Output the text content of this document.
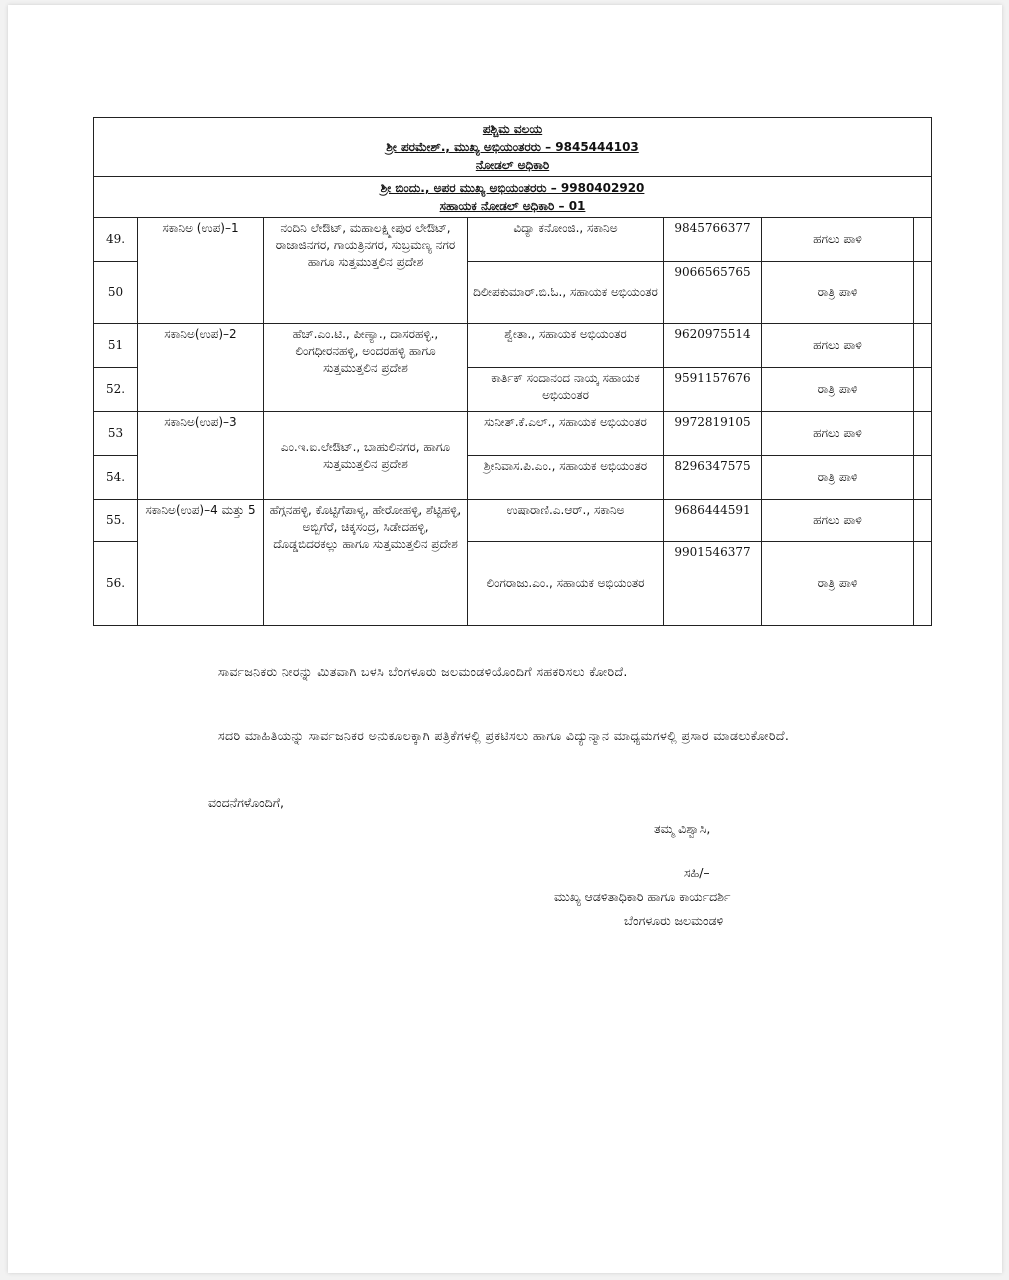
ಪಶ್ಚಿಮ ವಲಯ
ಶ್ರೀ ಪರಮೇಶ್., ಮುಖ್ಯ ಅಭಿಯಂತರರು – 9845444103
ನೋಡಲ್ ಅಧಿಕಾರಿ						

ಶ್ರೀ ಬಿಂದು., ಅಪರ ಮುಖ್ಯ ಅಭಿಯಂತರರು – 9980402920
ಸಹಾಯಕ ನೋಡಲ್ ಅಧಿಕಾರಿ – 01						

49.	ಸಕಾನಿಅ (ಉಪ)–1	ನಂದಿನಿ ಲೇಔಟ್, ಮಹಾಲಕ್ಷ್ಮೀಪುರ ಲೇಔಟ್, ರಾಜಾಜಿನಗರ, ಗಾಯತ್ರಿನಗರ, ಸುಬ್ರಮಣ್ಯ ನಗರ ಹಾಗೂ ಸುತ್ತಮುತ್ತಲಿನ ಪ್ರದೇಶ	ವಿದ್ಯಾ ಕನೋಂಜಿ., ಸಕಾನಿಅ	9845766377	ಹಗಲು ಪಾಳಿ	
50			ದಿಲೀಪಕುಮಾರ್.ಬಿ.ಓ., ಸಹಾಯಕ ಅಭಿಯಂತರ	9066565765	ರಾತ್ರಿ ಪಾಳಿ	
51	ಸಕಾನಿಅ(ಉಪ)–2	ಹೆಚ್.ಎಂ.ಟಿ., ಪೀಣ್ಯಾ., ದಾಸರಹಳ್ಳಿ., ಲಿಂಗಧೀರನಹಳ್ಳಿ, ಅಂದರಹಳ್ಳಿ ಹಾಗೂ ಸುತ್ತಮುತ್ತಲಿನ ಪ್ರದೇಶ	ಶ್ವೇತಾ., ಸಹಾಯಕ ಅಭಿಯಂತರ	9620975514	ಹಗಲು ಪಾಳಿ	
52.			ಕಾರ್ತಿಕ್ ಸಂದಾನಂದ ನಾಯ್ಕ ಸಹಾಯಕ ಅಭಿಯಂತರ	9591157676	ರಾತ್ರಿ ಪಾಳಿ	
53	ಸಕಾನಿಅ(ಉಪ)–3	ಎಂ.ಇ.ಐ.ಲೇಔಟ್., ಬಾಹುಲಿನಗರ, ಹಾಗೂ ಸುತ್ತಮುತ್ತಲಿನ ಪ್ರದೇಶ	ಸುನೀತ್.ಕೆ.ಎಲ್., ಸಹಾಯಕ ಅಭಿಯಂತರ	9972819105	ಹಗಲು ಪಾಳಿ	
54.			ಶ್ರೀನಿವಾಸ.ಪಿ.ಎಂ., ಸಹಾಯಕ ಅಭಿಯಂತರ	8296347575	ರಾತ್ರಿ ಪಾಳಿ	
55.	ಸಕಾನಿಅ(ಉಪ)–4 ಮತ್ತು 5	ಹೆಗ್ಗನಹಳ್ಳಿ, ಕೊಟ್ಟಿಗೆಪಾಳ್ಯ, ಹೇರೋಹಳ್ಳಿ, ಶೆಟ್ಟಿಹಳ್ಳಿ, ಅಬ್ಬಿಗೆರೆ, ಚಿಕ್ಕಸಂದ್ರ, ಸಿಡೇದಹಳ್ಳಿ, ದೊಡ್ಡಬಿದರಕಲ್ಲು ಹಾಗೂ ಸುತ್ತಮುತ್ತಲಿನ ಪ್ರದೇಶ	ಉಷಾರಾಣಿ.ಎ.ಆರ್., ಸಕಾನಿಅ	9686444591	ಹಗಲು ಪಾಳಿ	
56.			ಲಿಂಗರಾಜು.ಎಂ., ಸಹಾಯಕ ಅಭಿಯಂತರ	9901546377	ರಾತ್ರಿ ಪಾಳಿ	
ಸಾರ್ವಜನಿಕರು ನೀರನ್ನು ಮಿತವಾಗಿ ಬಳಸಿ ಬೆಂಗಳೂರು ಜಲಮಂಡಳಿಯೊಂದಿಗೆ ಸಹಕರಿಸಲು ಕೋರಿದೆ.
ಸದರಿ ಮಾಹಿತಿಯನ್ನು ಸಾರ್ವಜನಿಕರ ಅನುಕೂಲಕ್ಕಾಗಿ ಪತ್ರಿಕೆಗಳಲ್ಲಿ ಪ್ರಕಟಿಸಲು ಹಾಗೂ ವಿದ್ಯುನ್ಮಾನ ಮಾಧ್ಯಮಗಳಲ್ಲಿ ಪ್ರಸಾರ ಮಾಡಲುಕೋರಿದೆ.
ವಂದನೆಗಳೊಂದಿಗೆ,
ತಮ್ಮ ವಿಶ್ವಾಸಿ,
ಸಹಿ/–
ಮುಖ್ಯ ಆಡಳಿತಾಧಿಕಾರಿ ಹಾಗೂ ಕಾರ್ಯದರ್ಶಿ
ಬೆಂಗಳೂರು ಜಲಮಂಡಳಿ
